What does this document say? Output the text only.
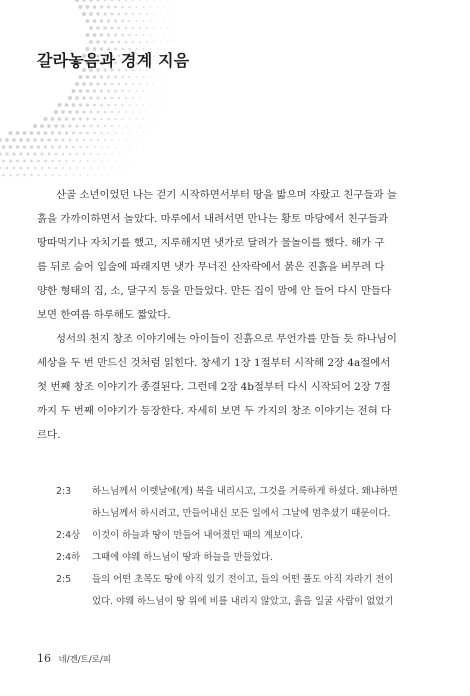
갈라놓음과 경계 지음

산골 소년이었던 나는 걷기 시작하면서부터 땅을 밟으며 자랐고 친구들과 늘
흙을 가까이하면서 놀았다. 마루에서 내려서면 만나는 황토 마당에서 친구들과
땅따먹기나 자치기를 했고, 지루해지면 냇가로 달려가 물놀이를 했다. 해가 구
름 뒤로 숨어 입술에 파래지면 냇가 무너진 산자락에서 붉은 진흙을 버무려 다
양한 형태의 집, 소, 달구지 등을 만들었다. 만든 집이 맘에 안 들어 다시 만들다
보면 한여름 하루해도 짧았다.

성서의 천지 창조 이야기에는 아이들이 진흙으로 무언가를 만들 듯 하나님이
세상을 두 번 만드신 것처럼 읽힌다. 창세기 1장 1절부터 시작해 2장 4a절에서
첫 번째 창조 이야기가 종결된다. 그런데 2장 4b절부터 다시 시작되어 2장 7절
까지 두 번째 이야기가 등장한다. 자세히 보면 두 가지의 창조 이야기는 전혀 다
르다.

2:3	하느님께서 이렛날에(게) 복을 내리시고, 그것을 거룩하게 하셨다. 왜냐하면
하느님께서 하시려고, 만들어내신 모든 일에서 그날에 멈추셨기 때문이다.
2:4상	이것이 하늘과 땅이 만들어 내어졌던 때의 계보이다.
2:4하	그때에 야웨 하느님이 땅과 하늘을 만들었다.
2:5	들의 어떤 초목도 땅에 아직 있기 전이고, 들의 어떤 풀도 아직 자라기 전이
었다. 야웨 하느님이 땅 위에 비를 내리지 않았고, 흙을 일굴 사람이 없었기
16 네/겐/트/로/피
